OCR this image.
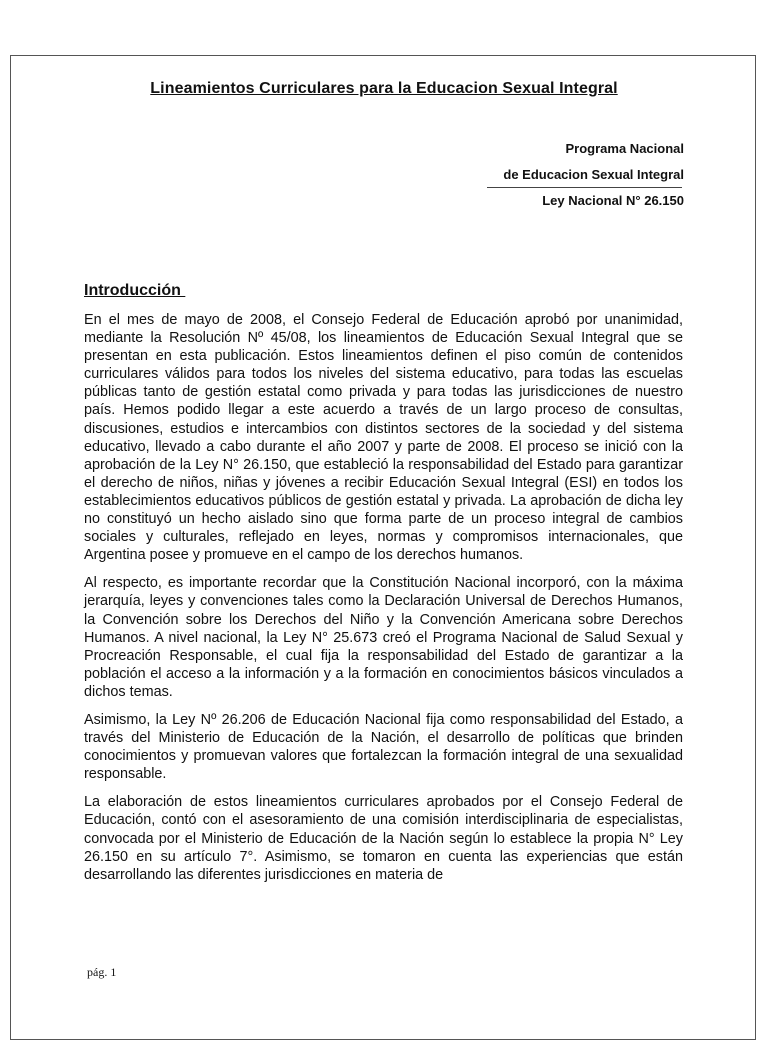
Lineamientos Curriculares para la Educacion Sexual Integral
Programa Nacional
de Educacion Sexual Integral
Ley Nacional N° 26.150
Introducción

En el mes de mayo de 2008, el Consejo Federal de Educación aprobó por unanimidad, mediante la Resolución Nº 45/08, los lineamientos de Educación Sexual Integral que se presentan en esta publicación. Estos lineamientos definen el piso común de contenidos curriculares válidos para todos los niveles del sistema educativo, para todas las escuelas públicas tanto de gestión estatal como privada y para todas las jurisdicciones de nuestro país. Hemos podido llegar a este acuerdo a través de un largo proceso de consultas, discusiones, estudios e intercambios con distintos sectores de la sociedad y del sistema educativo, llevado a cabo durante el año 2007 y parte de 2008. El proceso se inició con la aprobación de la Ley N° 26.150, que estableció la responsabilidad del Estado para garantizar el derecho de niños, niñas y jóvenes a recibir Educación Sexual Integral (ESI) en todos los establecimientos educativos públicos de gestión estatal y privada. La aprobación de dicha ley no constituyó un hecho aislado sino que forma parte de un proceso integral de cambios sociales y culturales, reflejado en leyes, normas y compromisos internacionales, que Argentina posee y promueve en el campo de los derechos humanos.

Al respecto, es importante recordar que la Constitución Nacional incorporó, con la máxima jerarquía, leyes y convenciones tales como la Declaración Universal de Derechos Humanos, la Convención sobre los Derechos del Niño y la Convención Americana sobre Derechos Humanos. A nivel nacional, la Ley N° 25.673 creó el Programa Nacional de Salud Sexual y Procreación Responsable, el cual fija la responsabilidad del Estado de garantizar a la población el acceso a la información y a la formación en conocimientos básicos vinculados a dichos temas.

Asimismo, la Ley Nº 26.206 de Educación Nacional fija como responsabilidad del Estado, a través del Ministerio de Educación de la Nación, el desarrollo de políticas que brinden conocimientos y promuevan valores que fortalezcan la formación integral de una sexualidad responsable.

La elaboración de estos lineamientos curriculares aprobados por el Consejo Federal de Educación, contó con el asesoramiento de una comisión interdisciplinaria de especialistas, convocada por el Ministerio de Educación de la Nación según lo establece la propia N° Ley 26.150 en su artículo 7°. Asimismo, se tomaron en cuenta las experiencias que están desarrollando las diferentes jurisdicciones en materia de

pág. 1
